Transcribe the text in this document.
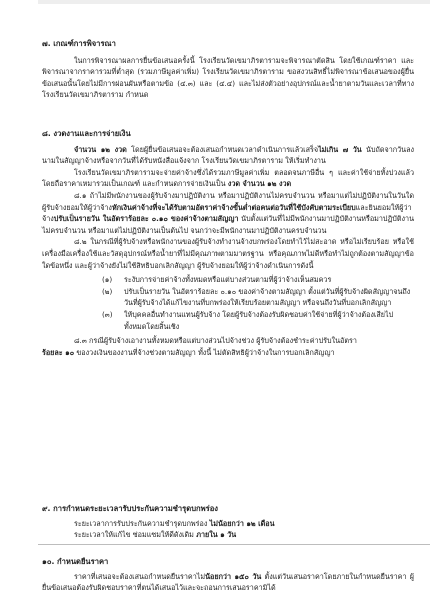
๗. เกณฑ์การพิจารณา

ในการพิจารณาผลการยื่นข้อเสนอครั้งนี้ โรงเรียนวัดเขมาภิรตารามจะพิจารณาตัดสิน โดยใช้เกณฑ์ราคา และ พิจารณาจากราคารวมที่ต่ำสุด (รวมภาษีมูลค่าเพิ่ม) โรงเรียนวัดเขมาภิรตาราม ขอสงวนสิทธิ์ไม่พิจารณาข้อเสนอของผู้ยื่นข้อเสนอนั้นโดยไม่มีการผ่อนผันหรือตามข้อ (๔.๓) และ (๔.๔) และไม่ส่งตัวอย่างอุปกรณ์และน้ำยาตามวันและเวลาที่ทางโรงเรียนวัดเขมาภิรตาราม กำหนด

๘. งวดงานและการจ่ายเงิน

จำนวน ๑๒ งวด โดยผู้ยื่นข้อเสนอจะต้องเสนอกำหนดเวลาดำเนินการแล้วเสร็จไม่เกิน ๗ วัน นับถัดจากวันลงนามในสัญญาจ้างหรือจากวันที่ได้รับหนังสือแจ้งจาก โรงเรียนวัดเขมาภิรตาราม ให้เริ่มทำงาน

โรงเรียนวัดเขมาภิรตารามจะจ่ายค่าจ้างซึ่งได้รวมภาษีมูลค่าเพิ่ม ตลอดจนภาษีอื่น ๆ และค่าใช้จ่ายทั้งปวงแล้ว โดยถือราคาเหมารวมเป็นเกณฑ์ และกำหนดการจ่ายเงินเป็น งวด จำนวน ๑๒ งวด

๘.๑ ถ้าไม่มีพนักงานของผู้รับจ้างมาปฏิบัติงาน หรือมาปฏิบัติงานไม่ครบจำนวน หรือมาแต่ไม่ปฏิบัติงานในวันใด ผู้รับจ้างยอมให้ผู้ว่าจ้างหักเงินค่าจ้างที่จะได้รับตามอัตราค่าจ้างขั้นต่ำต่อคนต่อวันที่ใช้บังคับตามระเบียบและยินยอมให้ผู้ว่าจ้างปรับเป็นรายวัน ในอัตราร้อยละ ๐.๑๐ ของค่าจ้างตามสัญญา นับตั้งแต่วันที่ไม่มีพนักงานมาปฏิบัติงานหรือมาปฏิบัติงานไม่ครบจำนวน หรือมาแต่ไม่ปฏิบัติงานเป็นต้นไป จนกว่าจะมีพนักงานมาปฏิบัติงานครบจำนวน

๘.๒ ในกรณีที่ผู้รับจ้างหรือพนักงานของผู้รับจ้างทำงานจ้างบกพร่องโดยทำไว้ไม่สะอาด หรือไม่เรียบร้อย หรือใช้เครื่องมือเครื่องใช้และวัสดุอุปกรณ์หรือน้ำยาที่ไม่มีคุณภาพตามมาตรฐาน หรือคุณภาพไม่ดีหรือทำไม่ถูกต้องตามสัญญาข้อใดข้อหนึ่ง และผู้ว่าจ้างยังไม่ใช้สิทธิบอกเลิกสัญญา ผู้รับจ้างยอมให้ผู้ว่าจ้างดำเนินการดังนี้

(๑) ระงับการจ่ายค่าจ้างทั้งหมดหรือแต่บางส่วนตามที่ผู้ว่าจ้างเห็นสมควร
(๒) ปรับเป็นรายวัน ในอัตราร้อยละ ๐.๑๐ ของค่าจ้างตามสัญญา ตั้งแต่วันที่ผู้รับจ้างผิดสัญญาจนถึงวันที่ผู้รับจ้างได้แก้ไขงานที่บกพร่องให้เรียบร้อยตามสัญญา หรือจนถึงวันที่บอกเลิกสัญญา
(๓) ให้บุคคลอื่นทำงานแทนผู้รับจ้าง โดยผู้รับจ้างต้องรับผิดชอบค่าใช้จ่ายที่ผู้ว่าจ้างต้องเสียไปทั้งหมดโดยสิ้นเชิง

๘.๓ กรณีผู้รับจ้างเอางานทั้งหมดหรือแต่บางส่วนไปจ้างช่วง ผู้รับจ้างต้องชำระค่าปรับในอัตรา
ร้อยละ ๑๐ ของวงเงินของงานที่จ้างช่วงตามสัญญา ทั้งนี้ ไม่ตัดสิทธิผู้ว่าจ้างในการบอกเลิกสัญญา

๙. การกำหนดระยะเวลารับประกันความชำรุดบกพร่อง

ระยะเวลาการรับประกันความชำรุดบกพร่อง ไม่น้อยกว่า ๑๒ เดือน

ระยะเวลาให้แก้ไข ซ่อมแซมให้ดีดังเดิม ภายใน ๑ วัน

๑๐. กำหนดยืนราคา

ราคาที่เสนอจะต้องเสนอกำหนดยืนราคาไม่น้อยกว่า ๑๕๐ วัน ตั้งแต่วันเสนอราคาโดยภายในกำหนดยืนราคา ผู้ยื่นข้อเสนอต้องรับผิดชอบราคาที่ตนได้เสนอไว้และจะถอนการเสนอราคามิได้
